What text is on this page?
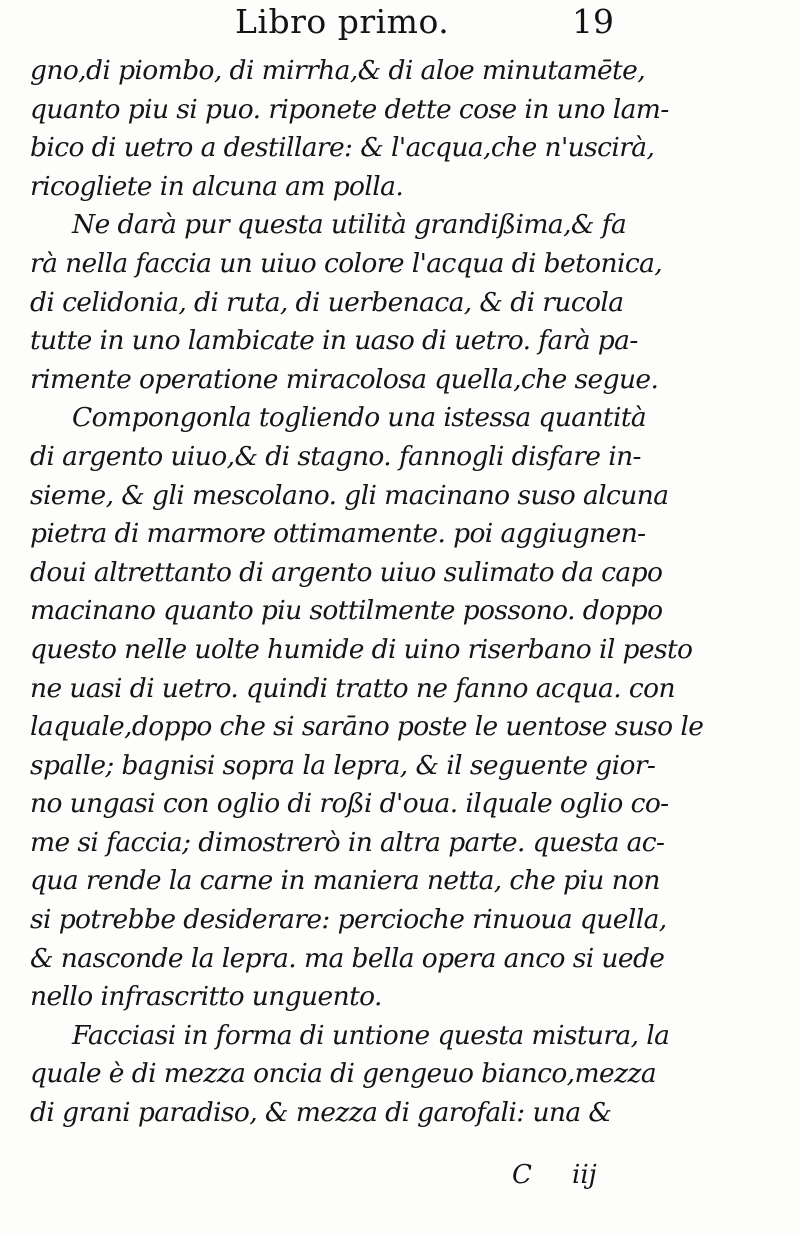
Libro primo.	19
gno,di piombo, di mirrha,& di aloe minutamēte,
quanto piu si puo. riponete dette cose in uno lam-
bico di uetro a destillare: & l'acqua,che n'uscirà,
ricogliete in alcuna am polla.
Ne darà pur questa utilità grandißima,& fa
rà nella faccia un uiuo colore l'acqua di betonica,
di celidonia, di ruta, di uerbenaca, & di rucola
tutte in uno lambicate in uaso di uetro. farà pa-
rimente operatione miracolosa quella,che segue.
Compongonla togliendo una istessa quantità
di argento uiuo,& di stagno. fannogli disfare in-
sieme, & gli mescolano. gli macinano suso alcuna
pietra di marmore ottimamente. poi aggiugnen-
doui altrettanto di argento uiuo sulimato da capo
macinano quanto piu sottilmente possono. doppo
questo nelle uolte humide di uino riserbano il pesto
ne uasi di uetro. quindi tratto ne fanno acqua. con
laquale,doppo che si sarāno poste le uentose suso le
spalle; bagnisi sopra la lepra, & il seguente gior-
no ungasi con oglio di roßi d'oua. ilquale oglio co-
me si faccia; dimostrerò in altra parte. questa ac-
qua rende la carne in maniera netta, che piu non
si potrebbe desiderare: percioche rinuoua quella,
& nasconde la lepra. ma bella opera anco si uede
nello infrascritto unguento.
Facciasi in forma di untione questa mistura, la
quale è di mezza oncia di gengeuo bianco,mezza
di grani paradiso, & mezza di garofali: una &
C iij
